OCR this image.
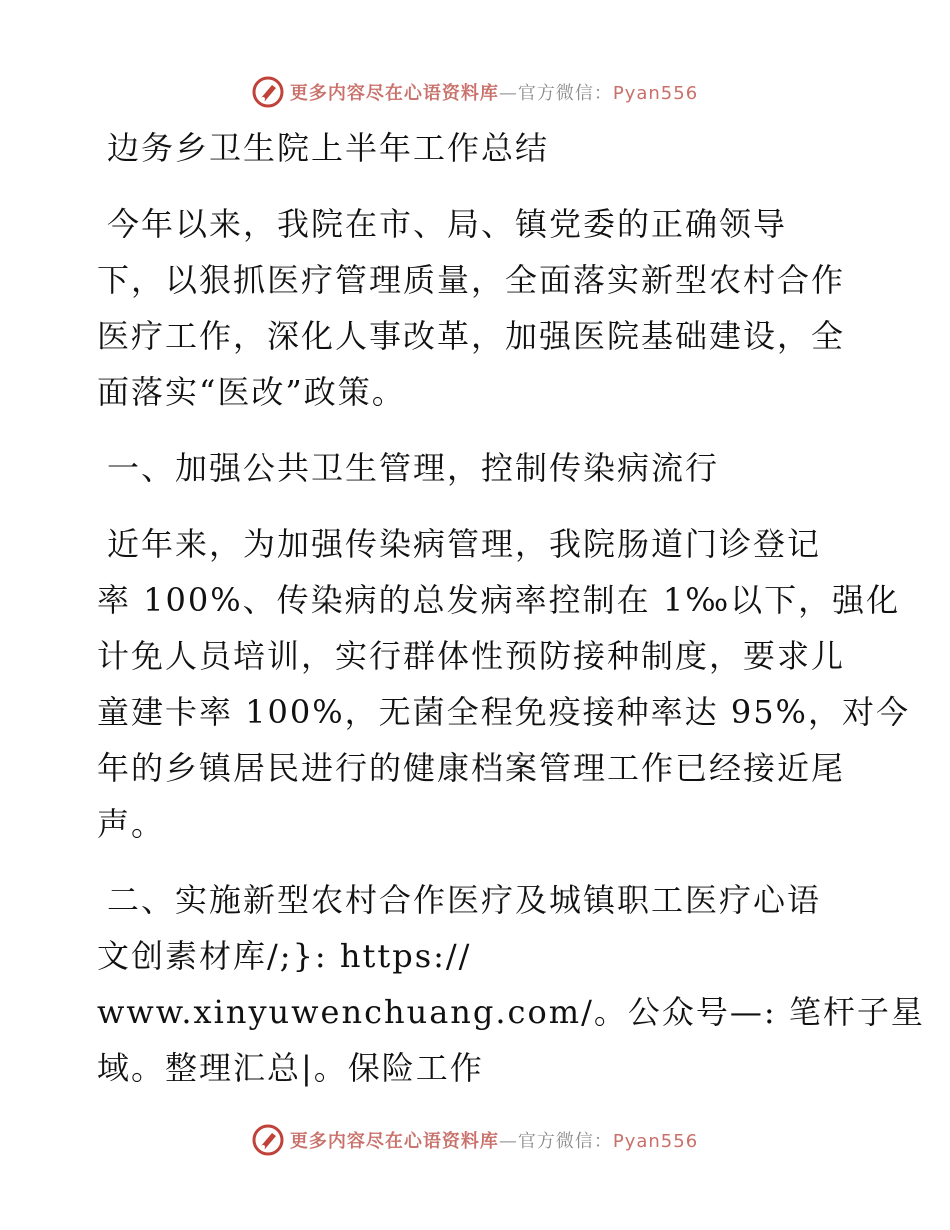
更多内容尽在心语资料库—官方微信：Pyan556
边务乡卫生院上半年工作总结
今年以来，我院在市、局、镇党委的正确领导
下，以狠抓医疗管理质量，全面落实新型农村合作
医疗工作，深化人事改革，加强医院基础建设，全
面落实“医改”政策。
一、加强公共卫生管理，控制传染病流行
近年来，为加强传染病管理，我院肠道门诊登记
率 100%、传染病的总发病率控制在 1‰以下，强化
计免人员培训，实行群体性预防接种制度，要求儿
童建卡率 100%，无菌全程免疫接种率达 95%，对今
年的乡镇居民进行的健康档案管理工作已经接近尾
声。
二、实施新型农村合作医疗及城镇职工医疗心语
文创素材库/;}: https://
www.xinyuwenchuang.com/。公众号—: 笔杆子星
域。整理汇总|。保险工作
更多内容尽在心语资料库—官方微信：Pyan556
